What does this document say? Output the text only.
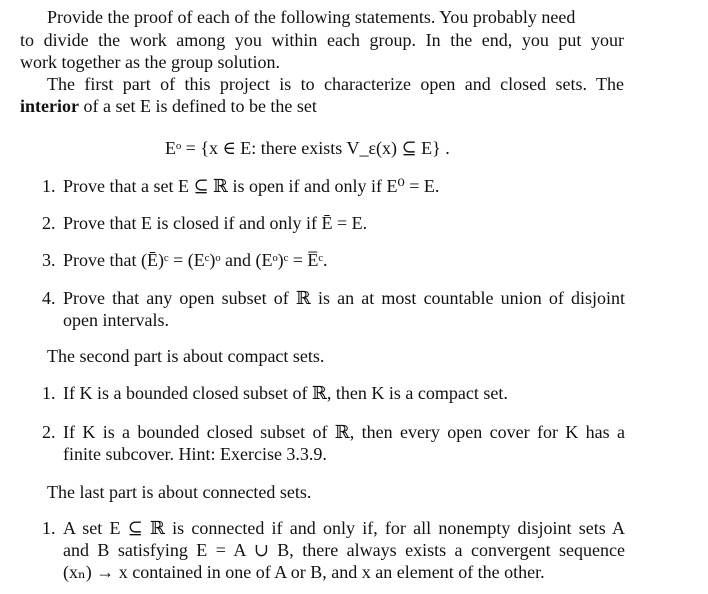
Provide the proof of each of the following statements. You probably need
to divide the work among you within each group. In the end, you put your
work together as the group solution.
The first part of this project is to characterize open and closed sets. The
interior of a set E is defined to be the set
Eᵒ = {x ∈ E: there exists V_ε(x) ⊆ E} .
1. Prove that a set E ⊆ ℝ is open if and only if E⁰ = E.
2. Prove that E is closed if and only if Ē = E.
3. Prove that (Ē)ᶜ = (Eᶜ)ᵒ and (Eᵒ)ᶜ = E̅ᶜ.
4. Prove that any open subset of ℝ is an at most countable union of disjoint
open intervals.
The second part is about compact sets.
1. If K is a bounded closed subset of ℝ, then K is a compact set.
2. If K is a bounded closed subset of ℝ, then every open cover for K has a
finite subcover. Hint: Exercise 3.3.9.
The last part is about connected sets.
1. A set E ⊆ ℝ is connected if and only if, for all nonempty disjoint sets A
and B satisfying E = A ∪ B, there always exists a convergent sequence
(xₙ) → x contained in one of A or B, and x an element of the other.
